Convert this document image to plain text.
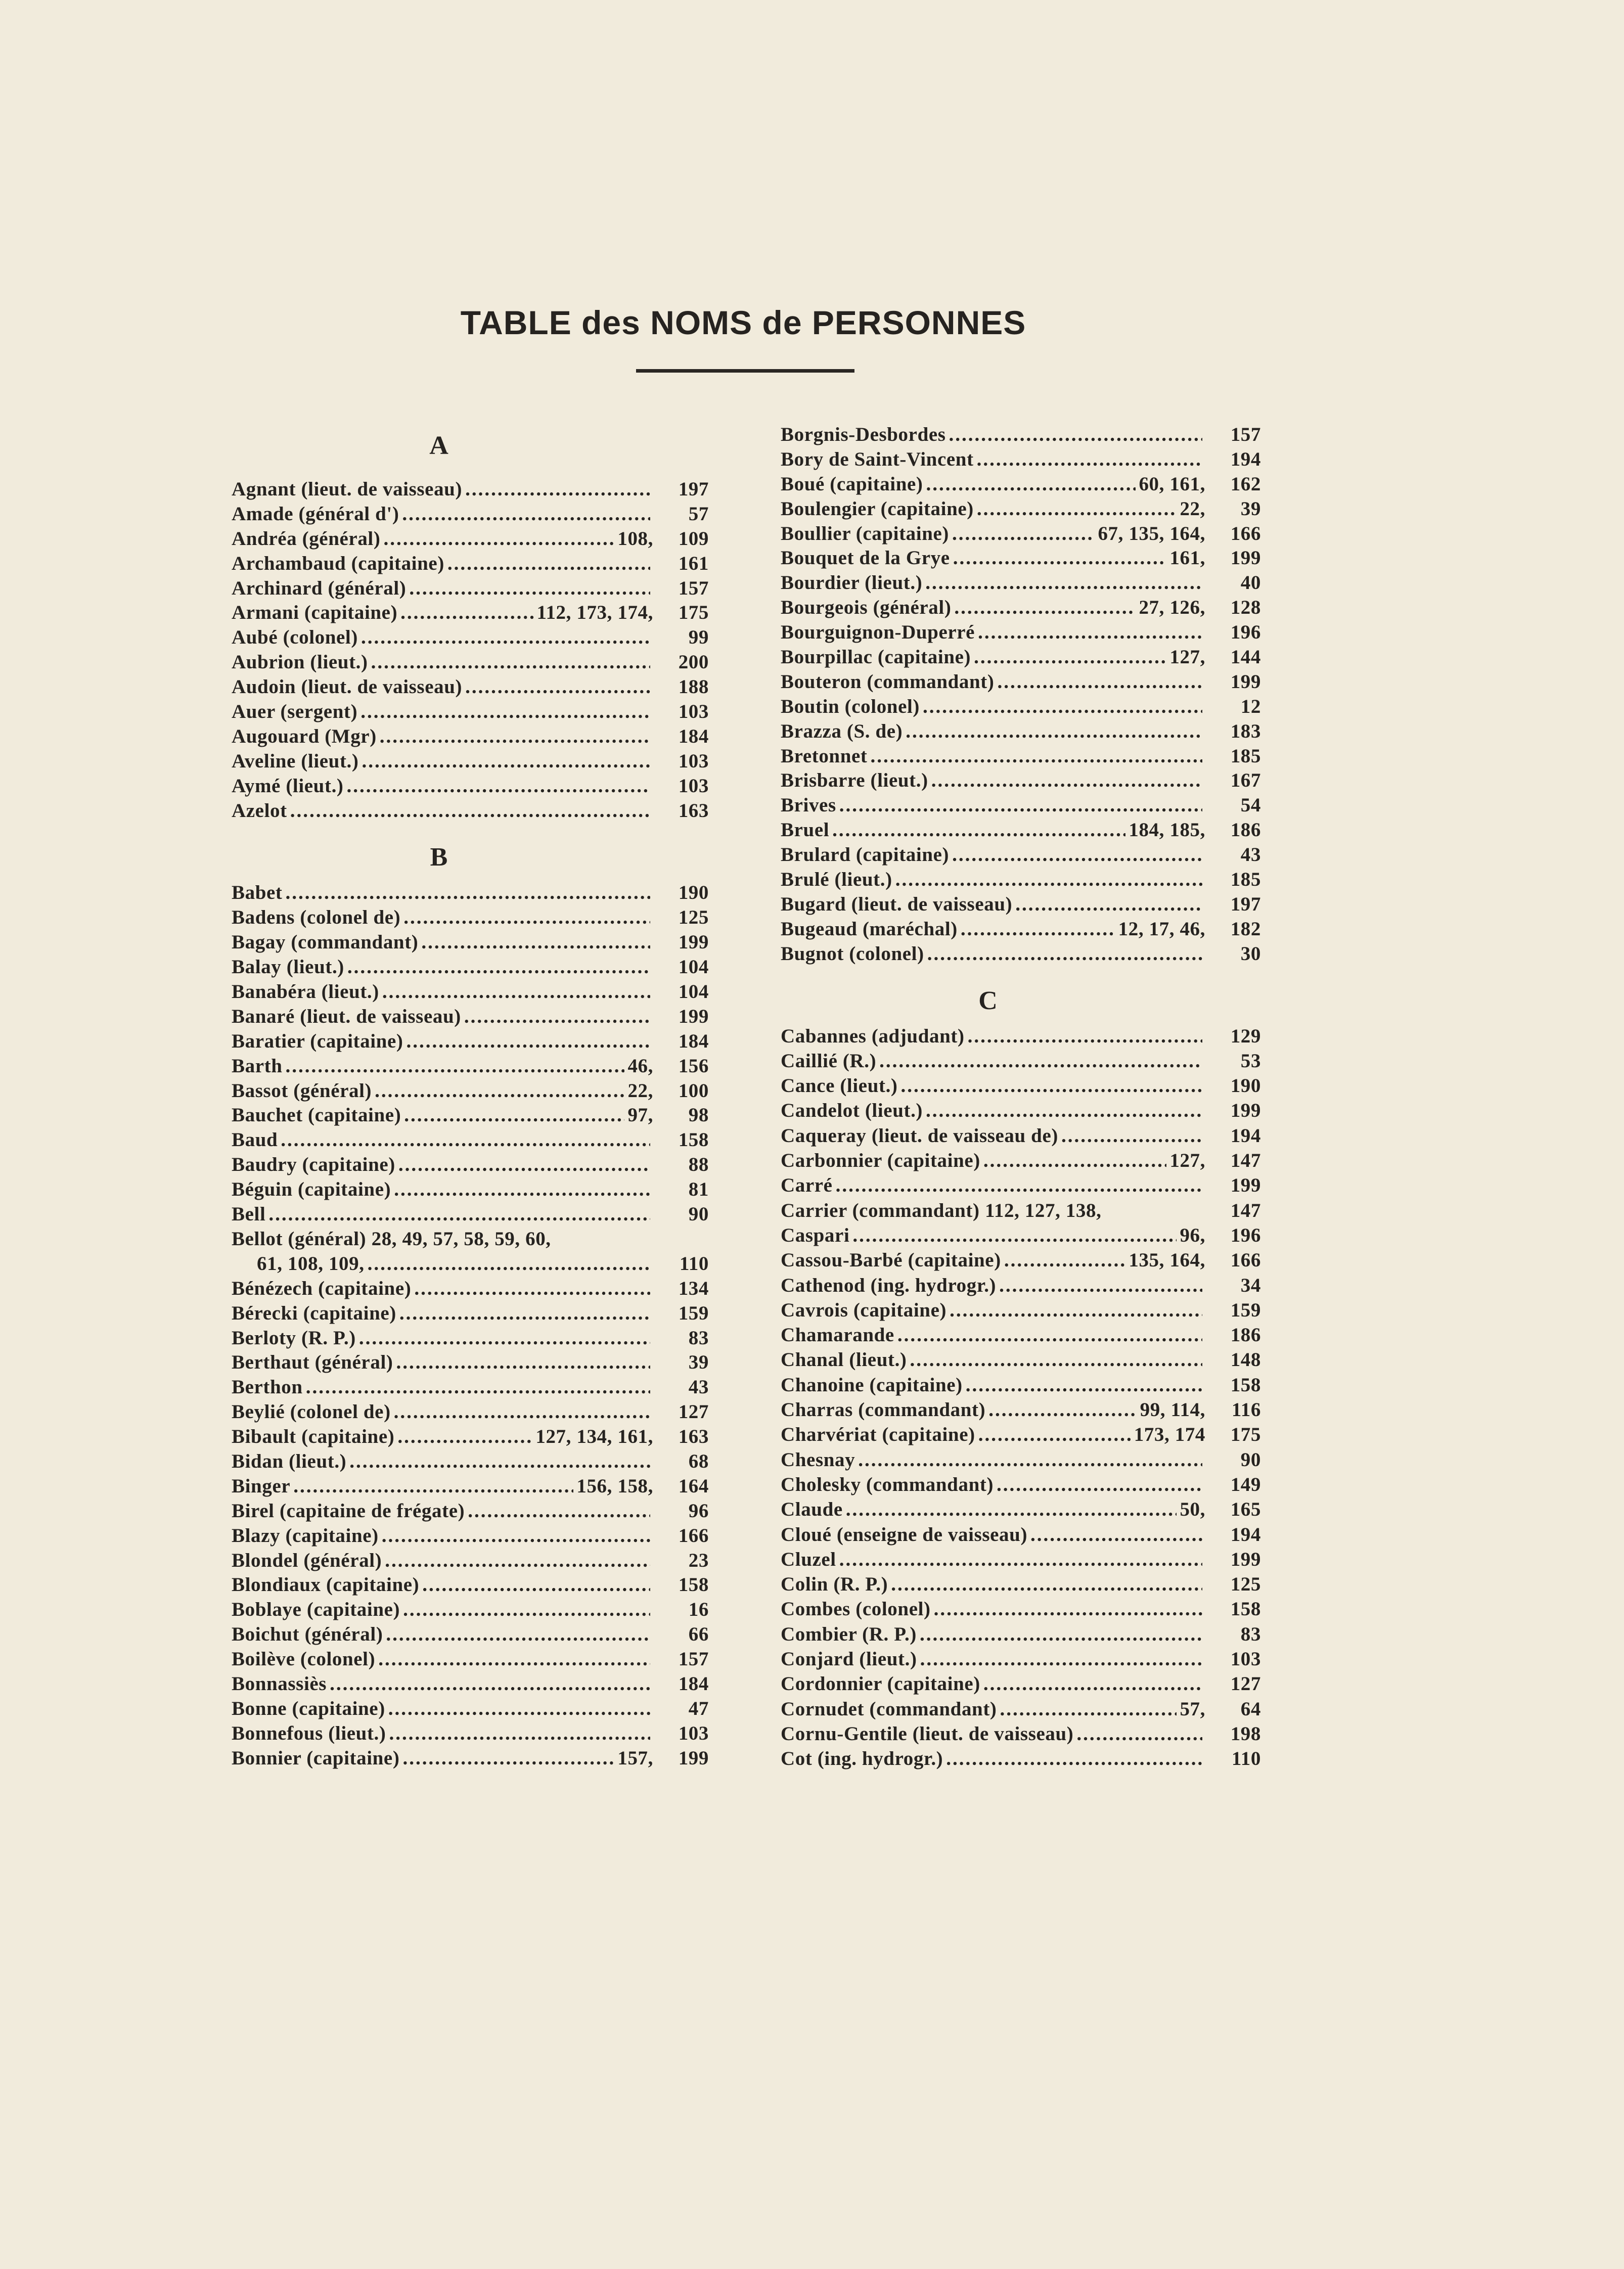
TABLE des NOMS de PERSONNES
A
Agnant (lieut. de vaisseau) .....	197
Amade (général d') .....	57
Andréa (général) .....	108,	109
Archambaud (capitaine) .....	161
Archinard (général) .....	157
Armani (capitaine) .....	112, 173, 174,	175
Aubé (colonel) .....	99
Aubrion (lieut.) .....	200
Audoin (lieut. de vaisseau) .....	188
Auer (sergent) .....	103
Augouard (Mgr) .....	184
Aveline (lieut.) .....	103
Aymé (lieut.) .....	103
Azelot .....	163
B
Babet .....	190
Badens (colonel de) .....	125
Bagay (commandant) .....	199
Balay (lieut.) .....	104
Banabéra (lieut.) .....	104
Banaré (lieut. de vaisseau) .....	199
Baratier (capitaine) .....	184
Barth .....	46,	156
Bassot (général) .....	22,	100
Bauchet (capitaine) .....	97,	98
Baud .....	158
Baudry (capitaine) .....	88
Béguin (capitaine) .....	81
Bell .....	90
Bellot (général) 28, 49, 57, 58, 59, 60,
61, 108, 109, .....	110
Bénézech (capitaine) .....	134
Bérecki (capitaine) .....	159
Berloty (R. P.) .....	83
Berthaut (général) .....	39
Berthon .....	43
Beylié (colonel de) .....	127
Bibault (capitaine) .....	127, 134, 161,	163
Bidan (lieut.) .....	68
Binger .....	156, 158,	164
Birel (capitaine de frégate) .....	96
Blazy (capitaine) .....	166
Blondel (général) .....	23
Blondiaux (capitaine) .....	158
Boblaye (capitaine) .....	16
Boichut (général) .....	66
Boilève (colonel) .....	157
Bonnassiès .....	184
Bonne (capitaine) .....	47
Bonnefous (lieut.) .....	103
Bonnier (capitaine) .....	157,	199
Borgnis-Desbordes .....	157
Bory de Saint-Vincent .....	194
Boué (capitaine) .....	60, 161,	162
Boulengier (capitaine) .....	22,	39
Boullier (capitaine) .....	67, 135, 164,	166
Bouquet de la Grye .....	161,	199
Bourdier (lieut.) .....	40
Bourgeois (général) .....	27, 126,	128
Bourguignon-Duperré .....	196
Bourpillac (capitaine) .....	127,	144
Bouteron (commandant) .....	199
Boutin (colonel) .....	12
Brazza (S. de) .....	183
Bretonnet .....	185
Brisbarre (lieut.) .....	167
Brives .....	54
Bruel .....	184, 185,	186
Brulard (capitaine) .....	43
Brulé (lieut.) .....	185
Bugard (lieut. de vaisseau) .....	197
Bugeaud (maréchal) .....	12, 17, 46,	182
Bugnot (colonel) .....	30
C
Cabannes (adjudant) .....	129
Caillié (R.) .....	53
Cance (lieut.) .....	190
Candelot (lieut.) .....	199
Caqueray (lieut. de vaisseau de) .....	194
Carbonnier (capitaine) .....	127,	147
Carré .....	199
Carrier (commandant) 112, 127, 138,	147
Caspari .....	96,	196
Cassou-Barbé (capitaine) .....	135, 164,	166
Cathenod (ing. hydrogr.) .....	34
Cavrois (capitaine) .....	159
Chamarande .....	186
Chanal (lieut.) .....	148
Chanoine (capitaine) .....	158
Charras (commandant) .....	99, 114,	116
Charvériat (capitaine) .....	173, 174	175
Chesnay .....	90
Cholesky (commandant) .....	149
Claude .....	50,	165
Cloué (enseigne de vaisseau) .....	194
Cluzel .....	199
Colin (R. P.) .....	125
Combes (colonel) .....	158
Combier (R. P.) .....	83
Conjard (lieut.) .....	103
Cordonnier (capitaine) .....	127
Cornudet (commandant) .....	57,	64
Cornu-Gentile (lieut. de vaisseau) .....	198
Cot (ing. hydrogr.) .....	110
